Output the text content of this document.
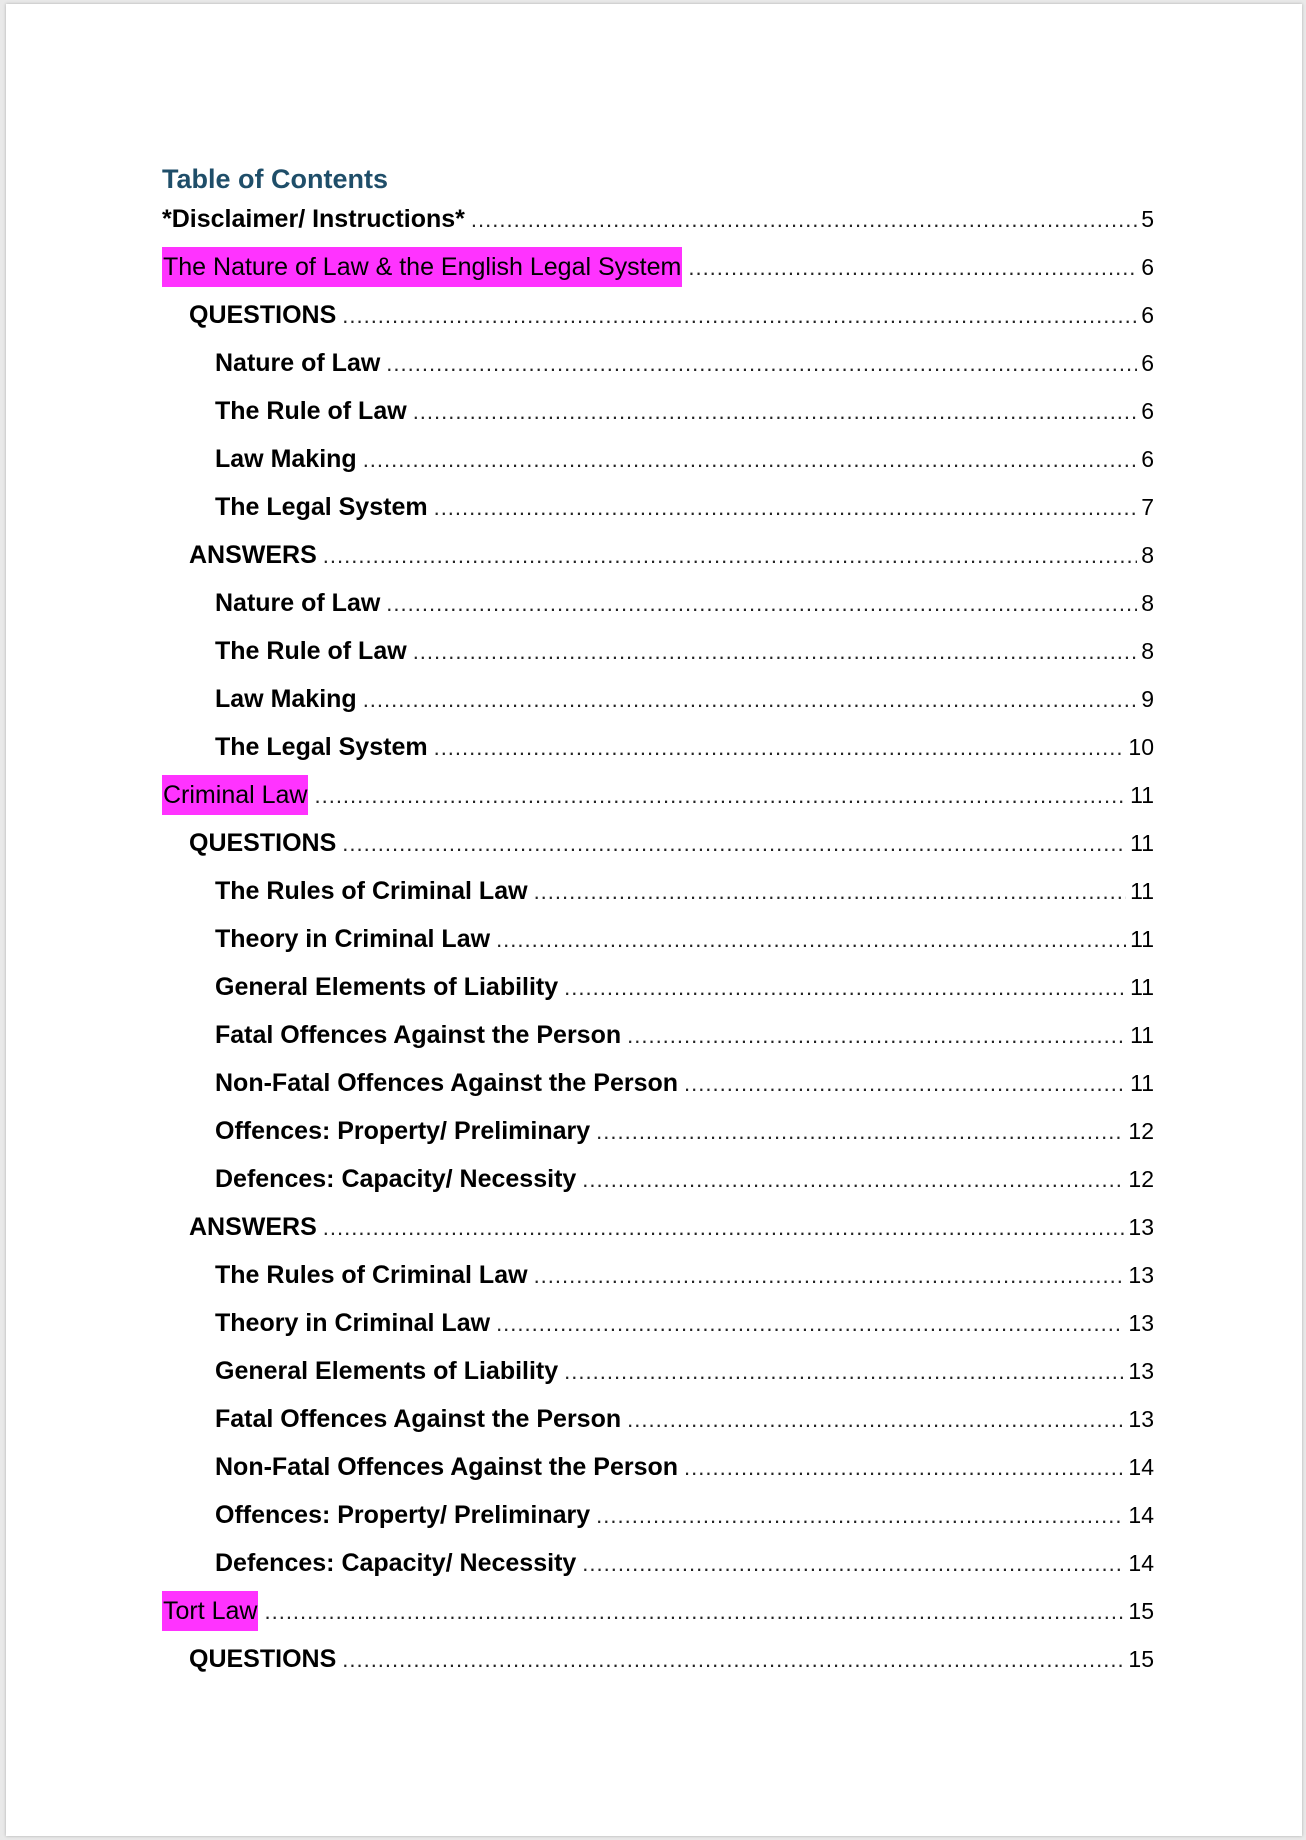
Table of Contents
*Disclaimer/ Instructions* .....	5
The Nature of Law & the English Legal System .....	6
QUESTIONS .....	6
Nature of Law .....	6
The Rule of Law .....	6
Law Making .....	6
The Legal System .....	7
ANSWERS .....	8
Nature of Law .....	8
The Rule of Law .....	8
Law Making .....	9
The Legal System .....	10
Criminal Law .....	11
QUESTIONS .....	11
The Rules of Criminal Law .....	11
Theory in Criminal Law .....	11
General Elements of Liability .....	11
Fatal Offences Against the Person .....	11
Non-Fatal Offences Against the Person .....	11
Offences: Property/ Preliminary .....	12
Defences: Capacity/ Necessity .....	12
ANSWERS .....	13
The Rules of Criminal Law .....	13
Theory in Criminal Law .....	13
General Elements of Liability .....	13
Fatal Offences Against the Person .....	13
Non-Fatal Offences Against the Person .....	14
Offences: Property/ Preliminary .....	14
Defences: Capacity/ Necessity .....	14
Tort Law .....	15
QUESTIONS .....	15
